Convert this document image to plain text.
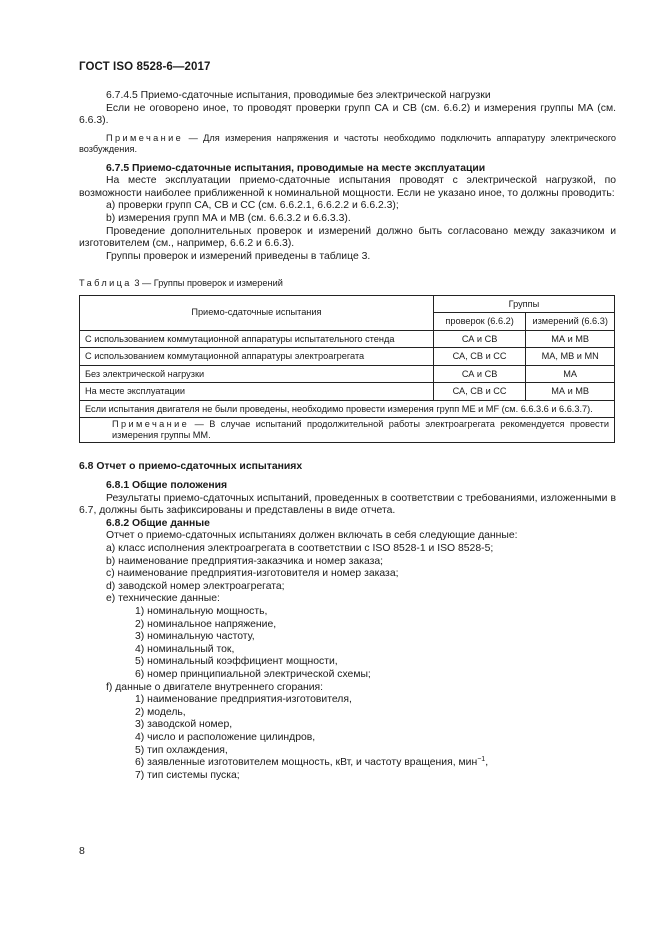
ГОСТ ISO 8528-6—2017

6.7.4.5 Приемо-сдаточные испытания, проводимые без электрической нагрузки

Если не оговорено иное, то проводят проверки групп СА и СВ (см. 6.6.2) и измерения группы МА (см. 6.6.3).

Примечание — Для измерения напряжения и частоты необходимо подключить аппаратуру электрического возбуждения.

6.7.5 Приемо-сдаточные испытания, проводимые на месте эксплуатации

На месте эксплуатации приемо-сдаточные испытания проводят с электрической нагрузкой, по возможности наиболее приближенной к номинальной мощности. Если не указано иное, то должны проводить:

a) проверки групп СА, СВ и СС (см. 6.6.2.1, 6.6.2.2 и 6.6.2.3);

b) измерения групп МА и МВ (см. 6.6.3.2 и 6.6.3.3).

Проведение дополнительных проверок и измерений должно быть согласовано между заказчиком и изготовителем (см., например, 6.6.2 и 6.6.3).

Группы проверок и измерений приведены в таблице 3.

Таблица 3 — Группы проверок и измерений

Приемо-сдаточные испытания	Группы	
	проверок (6.6.2)	измерений (6.6.3)
С использованием коммутационной аппаратуры испытательного стенда	СА и СВ	МА и МВ
С использованием коммутационной аппаратуры электроагрегата	СА, СВ и СС	МА, МВ и MN
Без электрической нагрузки	СА и СВ	МА
На месте эксплуатации	СА, СВ и СС	МА и МВ
Если испытания двигателя не были проведены, необходимо провести измерения групп ME и MF (см. 6.6.3.6 и 6.6.3.7).		
Примечание — В случае испытаний продолжительной работы электроагрегата рекомендуется провести измерения группы ММ.		

6.8 Отчет о приемо-сдаточных испытаниях

6.8.1 Общие положения

Результаты приемо-сдаточных испытаний, проведенных в соответствии с требованиями, изложенными в 6.7, должны быть зафиксированы и представлены в виде отчета.

6.8.2 Общие данные

Отчет о приемо-сдаточных испытаниях должен включать в себя следующие данные:

a) класс исполнения электроагрегата в соответствии с ISO 8528-1 и ISO 8528-5;

b) наименование предприятия-заказчика и номер заказа;

c) наименование предприятия-изготовителя и номер заказа;

d) заводской номер электроагрегата;

e) технические данные:

1) номинальную мощность,

2) номинальное напряжение,

3) номинальную частоту,

4) номинальный ток,

5) номинальный коэффициент мощности,

6) номер принципиальной электрической схемы;

f) данные о двигателе внутреннего сгорания:

1) наименование предприятия-изготовителя,

2) модель,

3) заводской номер,

4) число и расположение цилиндров,

5) тип охлаждения,

6) заявленные изготовителем мощность, кВт, и частоту вращения, мин$^{-1}$,

7) тип системы пуска;

8
